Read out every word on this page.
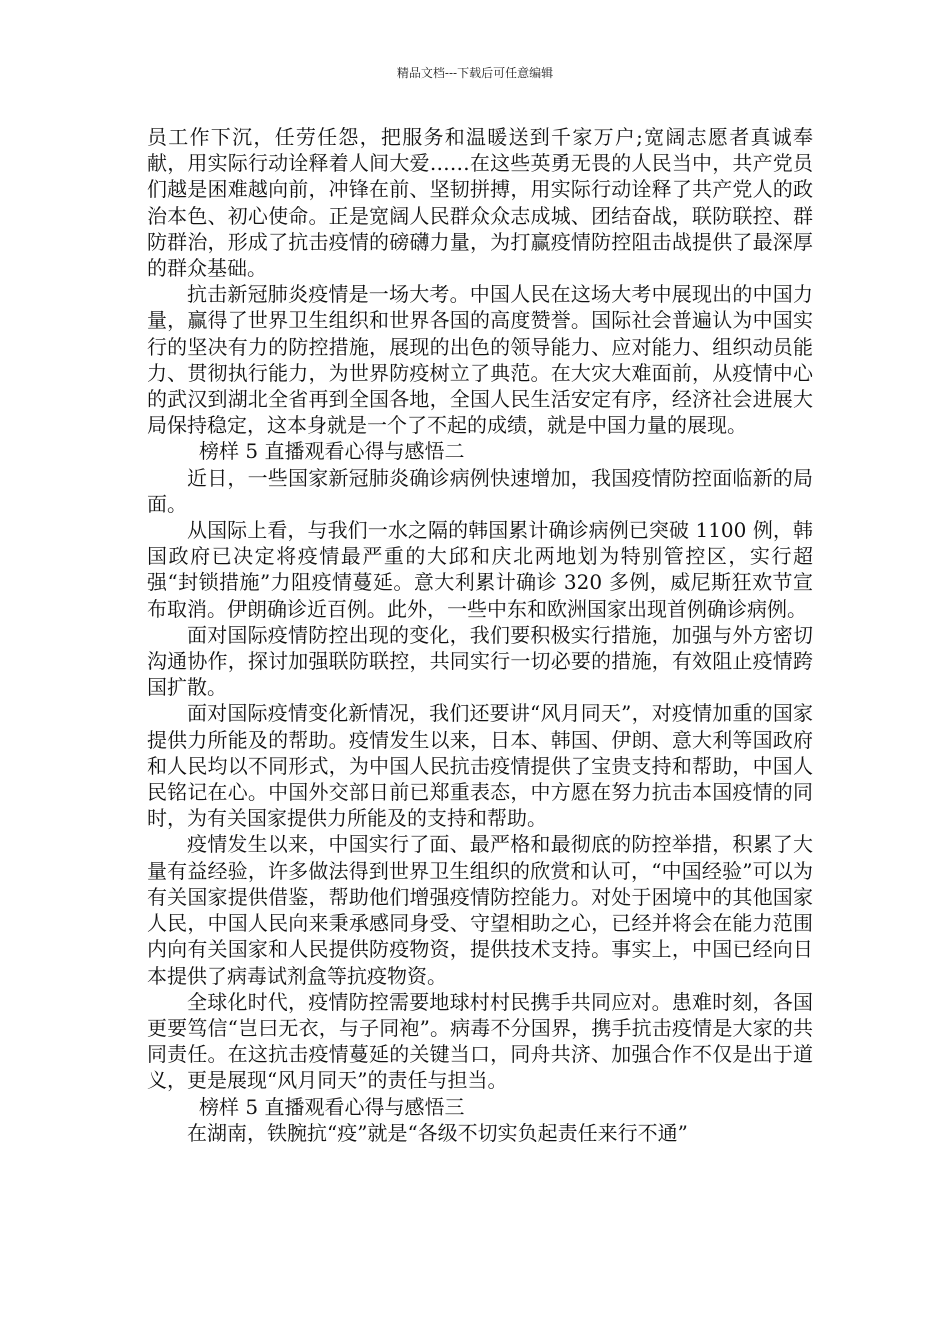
精品文档---下载后可任意编辑

员工作下沉，任劳任怨，把服务和温暖送到千家万户;宽阔志愿者真诚奉献，用实际行动诠释着人间大爱……在这些英勇无畏的人民当中，共产党员们越是困难越向前，冲锋在前、坚韧拼搏，用实际行动诠释了共产党人的政治本色、初心使命。正是宽阔人民群众众志成城、团结奋战，联防联控、群防群治，形成了抗击疫情的磅礴力量，为打赢疫情防控阻击战提供了最深厚的群众基础。

抗击新冠肺炎疫情是一场大考。中国人民在这场大考中展现出的中国力量，赢得了世界卫生组织和世界各国的高度赞誉。国际社会普遍认为中国实行的坚决有力的防控措施，展现的出色的领导能力、应对能力、组织动员能力、贯彻执行能力，为世界防疫树立了典范。在大灾大难面前，从疫情中心的武汉到湖北全省再到全国各地，全国人民生活安定有序，经济社会进展大局保持稳定，这本身就是一个了不起的成绩，就是中国力量的展现。

榜样 5 直播观看心得与感悟二

近日，一些国家新冠肺炎确诊病例快速增加，我国疫情防控面临新的局面。

从国际上看，与我们一水之隔的韩国累计确诊病例已突破 1100 例，韩国政府已决定将疫情最严重的大邱和庆北两地划为特别管控区，实行超强“封锁措施”力阻疫情蔓延。意大利累计确诊 320 多例，威尼斯狂欢节宣布取消。伊朗确诊近百例。此外，一些中东和欧洲国家出现首例确诊病例。

面对国际疫情防控出现的变化，我们要积极实行措施，加强与外方密切沟通协作，探讨加强联防联控，共同实行一切必要的措施，有效阻止疫情跨国扩散。

面对国际疫情变化新情况，我们还要讲“风月同天”，对疫情加重的国家提供力所能及的帮助。疫情发生以来，日本、韩国、伊朗、意大利等国政府和人民均以不同形式，为中国人民抗击疫情提供了宝贵支持和帮助，中国人民铭记在心。中国外交部日前已郑重表态，中方愿在努力抗击本国疫情的同时，为有关国家提供力所能及的支持和帮助。

疫情发生以来，中国实行了面、最严格和最彻底的防控举措，积累了大量有益经验，许多做法得到世界卫生组织的欣赏和认可，“中国经验”可以为有关国家提供借鉴，帮助他们增强疫情防控能力。对处于困境中的其他国家人民，中国人民向来秉承感同身受、守望相助之心，已经并将会在能力范围内向有关国家和人民提供防疫物资，提供技术支持。事实上，中国已经向日本提供了病毒试剂盒等抗疫物资。

全球化时代，疫情防控需要地球村村民携手共同应对。患难时刻，各国更要笃信“岂曰无衣，与子同袍”。病毒不分国界，携手抗击疫情是大家的共同责任。在这抗击疫情蔓延的关键当口，同舟共济、加强合作不仅是出于道义，更是展现“风月同天”的责任与担当。

榜样 5 直播观看心得与感悟三

在湖南，铁腕抗“疫”就是“各级不切实负起责任来行不通”
